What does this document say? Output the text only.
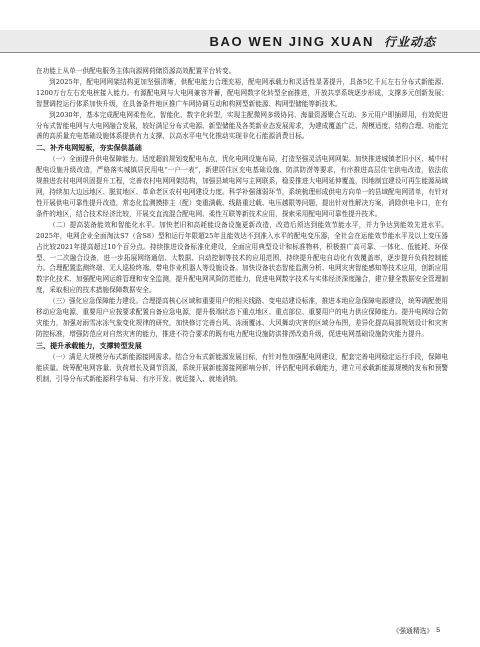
BAO WEN JING XUAN 行业动态

在功能上从单一供配电服务主体向源网荷储资源高效配置平台转变。

到2025年，配电网网架结构更加坚强清晰，供配电能力合理充裕，配电网承载力和灵活性显著提升，具备5亿千瓦左右分布式新能源、1200万台左右充电桩接入能力。有源配电网与大电网兼容并蓄，配电网数字化转型全面推进，开放共享系统逐步形成，支撑多元创新发展；智慧调控运行体系加快升级，在具备条件地区推广车网协调互动和构网型新能源、构网型储能等新技术。

到2030年，基本完成配电网柔性化、智能化、数字化转型，实现主配微网多级协同、海量资源聚合互动、多元用户即插即用，有效促进分布式智能电网与大电网融合发展，较好满足分布式电源、新型储能及各类新业态发展需求，为建成覆盖广泛、规模适度、结构合理、功能完善的高质量充电基础设施体系提供有力支撑，以高水平电气化推动实现非化石能源消费目标。

二、补齐电网短板，夯实保供基础

（一）全面提升供电保障能力。适度超前规划变配电布点，优化电网设施布局，打造坚强灵活电网网架。加快推进城镇老旧小区、城中村配电设施升级改造，严格落实城镇居民用电“一户一表”，新建居住区充电基础设施、防洪防涝等要求，有序推进高层住宅供电改造，依法依规推进农村电网巩固提升工程，完善农村电网网架结构，加强县域电网与主网联系，稳妥推进大电网延伸覆盖，因地制宜建设可再生能源局域网，持续加大边远地区、脱贫地区、革命老区农村电网建设力度。科学补强薄弱环节，系统梳理形成供电方向单一的县域配电网清单，有针对性开展供电可靠性提升改造，常态化监测摸排主（配）变重满载、线路重过载、电压越限等问题，提出针对性解决方案，消除供电卡口，在有条件的地区，结合技术经济比较，开展交直流混合配电网、柔性互联等新技术应用，探索采用配电网可靠性提升技术。

（二）提高装备能效和智能化水平。加快老旧和高耗能设备设施更新改造，改造后须达到能效节能水平，并力争达到能效先进水平。2025年，电网企业全面淘汰S7（含S8）型和运行年限超25年且能效达不到准入水平的配电变压器，全社会在运能效节能水平及以上变压器占比较2021年提高超过10个百分点。持续推进设备标准化建设，全面应用典型设计和标准物料，积极推广高可靠、一体化、低能耗、环保型、一二次融合设备，进一步拓展网络通信、大数据、自动控制等技术的应用范围，持续提升配电自动化有效覆盖率，逐步提升负荷控制能力。合理配置监测终端、无人巡检终端、带电作业机器人等设施设备。加快设备状态智能监测分析、电网灾害智能感知等技术应用，创新应用数字化技术、加强配电网运维管理和安全监测，提升配电网风险防范能力，促进电网数字技术与实体经济深度融合，建立健全数据安全管理制度，采取相应的技术措施保障数据安全。

（三）强化应急保障能力建设。合理提高核心区域和重要用户的相关线路、变电站建设标准，推进本地应急保障电源建设，统筹调配使用移动应急电源，重要用户应按要求配置自备应急电源，提升极端状态下重点地区、重点部位、重要用户的电力供应保障能力。提升电网综合防灾能力，加强对雨雪冰冻气象变化规律的研究，加快修订完善台风、冻雨覆冰、大风舞动灾害的区域分布图，差异化提高局部规划设计和灾害防控标准，增强防范应对自然灾害的能力，推进不符合要求的既有电力配电设施防洪排涝改造升级，促进电网基础设施防灾能力提升。

三、提升承载能力，支撑转型发展

（一）满足大规模分布式新能源接网需求。结合分布式新能源发展目标，有针对性加强配电网建设，配套完善电网稳定运行手段，保障电能质量。统筹配电网容量、负荷增长及调节资源，系统开展新能源接网影响分析，评估配电网承载能力，建立可承载新能源规模的发布和预警机制，引导分布式新能源科学布局、有序开发、就近接入、就地消纳。

《强通精选》 5
